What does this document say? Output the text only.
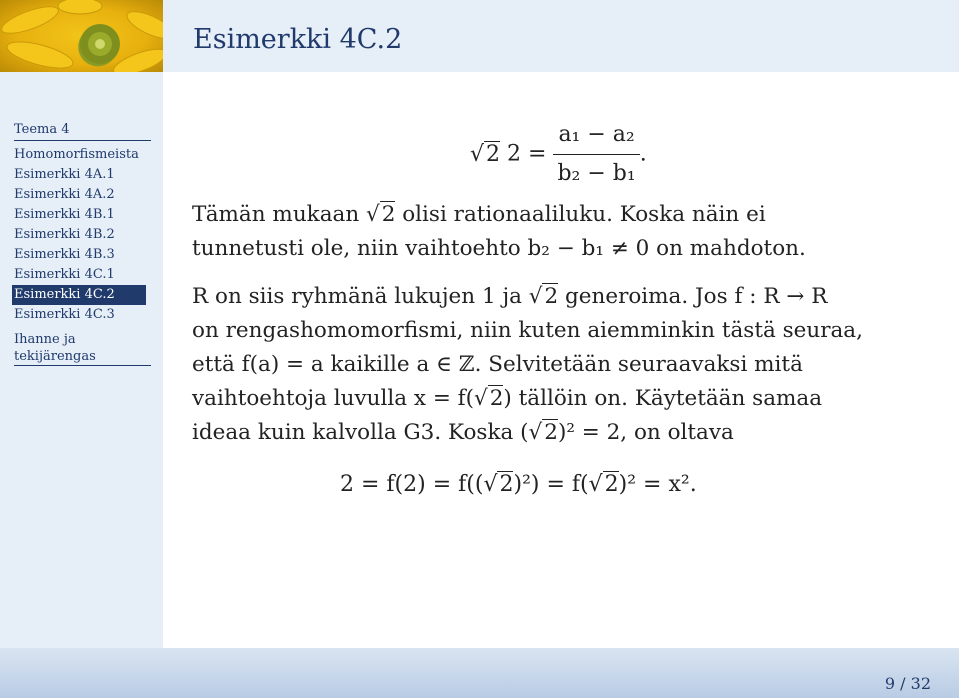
Esimerkki 4C.2
Teema 4
Homomorfismeista
Esimerkki 4A.1
Esimerkki 4A.2
Esimerkki 4B.1
Esimerkki 4B.2
Esimerkki 4B.3
Esimerkki 4C.1
Esimerkki 4C.2
Esimerkki 4C.3
Ihanne ja
tekijärengas
√2 $2 = \frac{\text{a₁ − a₂}}{\text{b₂ − b₁}}$ .
Tämän mukaan √2 olisi rationaaliluku. Koska näin ei
tunnetusti ole, niin vaihtoehto b₂ − b₁ ≠ 0 on mahdoton.
R on siis ryhmänä lukujen 1 ja √2 generoima. Jos f : R → R
on rengashomomorfismi, niin kuten aiemminkin tästä seuraa,
että f(a) = a kaikille a ∈ ℤ. Selvitetään seuraavaksi mitä
vaihtoehtoja luvulla x = f(√2) tällöin on. Käytetään samaa
ideaa kuin kalvolla G3. Koska (√2)² = 2, on oltava
2 = f(2) = f((√2)²) = f(√2)² = x².
9 / 32
